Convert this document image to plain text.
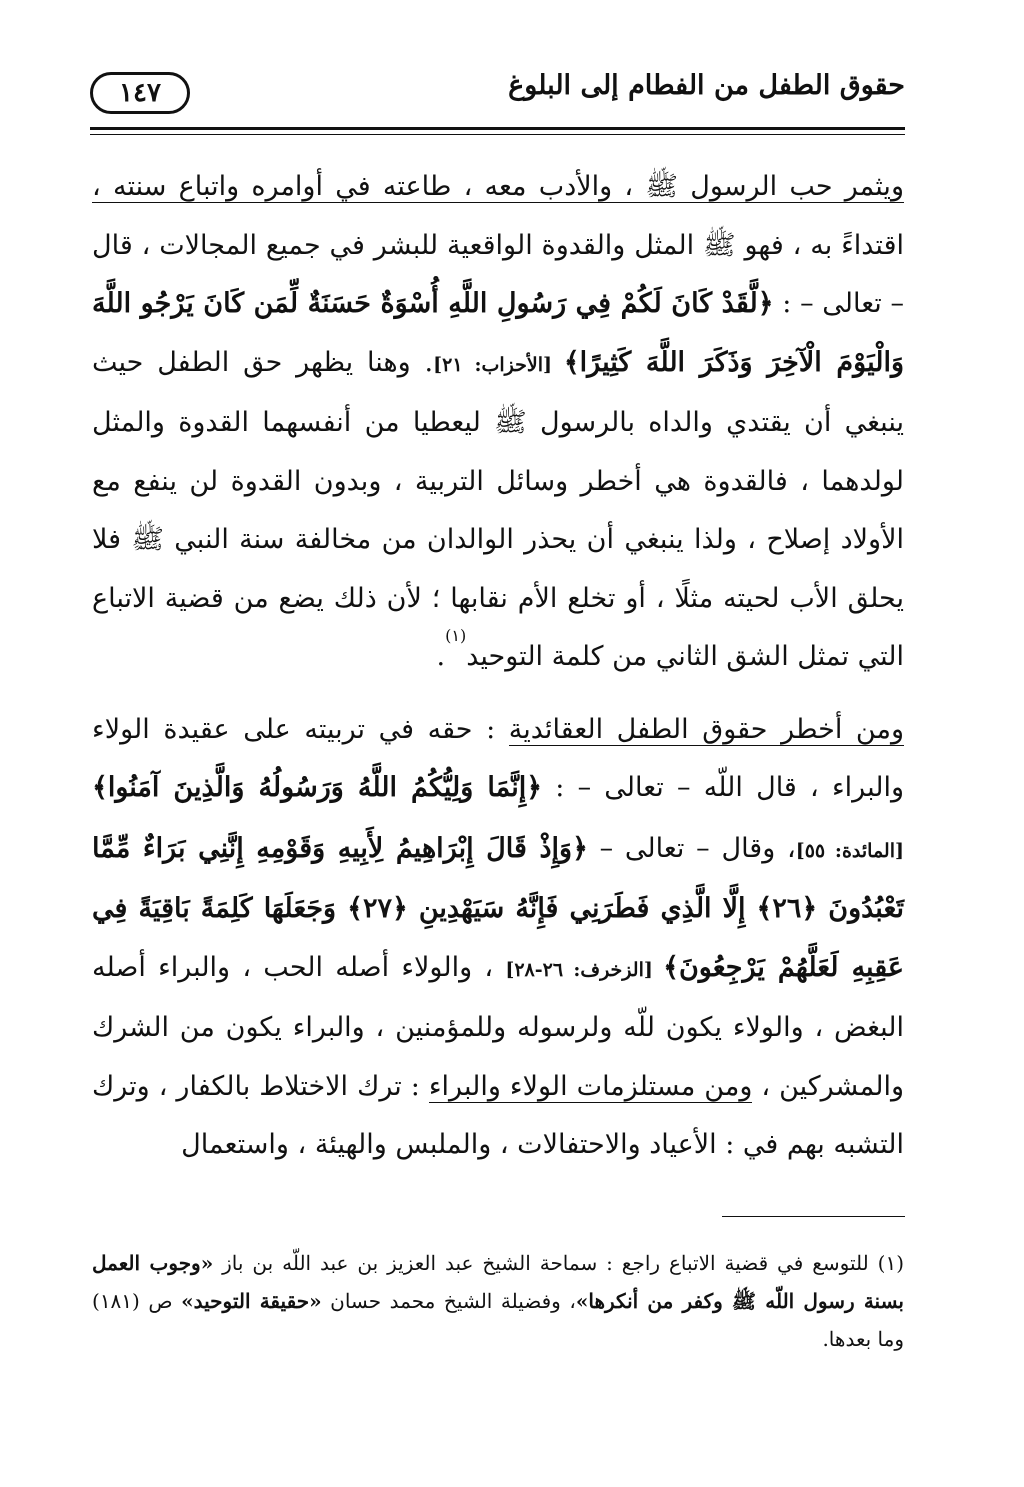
حقوق الطفل من الفطام إلى البلوغ
١٤٧

ويثمر حب الرسول ﷺ ، والأدب معه ، طاعته في أوامره واتباع سنته ، اقتداءً به ، فهو ﷺ المثل والقدوة الواقعية للبشر في جميع المجالات ، قال – تعالى – : ﴿لَّقَدْ كَانَ لَكُمْ فِي رَسُولِ اللَّهِ أُسْوَةٌ حَسَنَةٌ لِّمَن كَانَ يَرْجُو اللَّهَ وَالْيَوْمَ الْآخِرَ وَذَكَرَ اللَّهَ كَثِيرًا﴾ [الأحزاب: ٢١]. وهنا يظهر حق الطفل حيث ينبغي أن يقتدي والداه بالرسول ﷺ ليعطيا من أنفسهما القدوة والمثل لولدهما ، فالقدوة هي أخطر وسائل التربية ، وبدون القدوة لن ينفع مع الأولاد إصلاح ، ولذا ينبغي أن يحذر الوالدان من مخالفة سنة النبي ﷺ فلا يحلق الأب لحيته مثلًا ، أو تخلع الأم نقابها ؛ لأن ذلك يضع من قضية الاتباع التي تمثل الشق الثاني من كلمة التوحيد$^{(١)}$.

ومن أخطر حقوق الطفل العقائدية : حقه في تربيته على عقيدة الولاء والبراء ، قال اللّه – تعالى – : ﴿إِنَّمَا وَلِيُّكُمُ اللَّهُ وَرَسُولُهُ وَالَّذِينَ آمَنُوا﴾ [المائدة: ٥٥]، وقال – تعالى – ﴿وَإِذْ قَالَ إِبْرَاهِيمُ لِأَبِيهِ وَقَوْمِهِ إِنَّنِي بَرَاءٌ مِّمَّا تَعْبُدُونَ ﴿٢٦﴾ إِلَّا الَّذِي فَطَرَنِي فَإِنَّهُ سَيَهْدِينِ ﴿٢٧﴾ وَجَعَلَهَا كَلِمَةً بَاقِيَةً فِي عَقِبِهِ لَعَلَّهُمْ يَرْجِعُونَ﴾ [الزخرف: ٢٦-٢٨] ، والولاء أصله الحب ، والبراء أصله البغض ، والولاء يكون للّه ولرسوله وللمؤمنين ، والبراء يكون من الشرك والمشركين ، ومن مستلزمات الولاء والبراء : ترك الاختلاط بالكفار ، وترك التشبه بهم في : الأعياد والاحتفالات ، والملبس والهيئة ، واستعمال

(١) للتوسع في قضية الاتباع راجع : سماحة الشيخ عبد العزيز بن عبد اللّه بن باز «وجوب العمل بسنة رسول اللّه ﷺ وكفر من أنكرها»، وفضيلة الشيخ محمد حسان «حقيقة التوحيد» ص (١٨١) وما بعدها.
